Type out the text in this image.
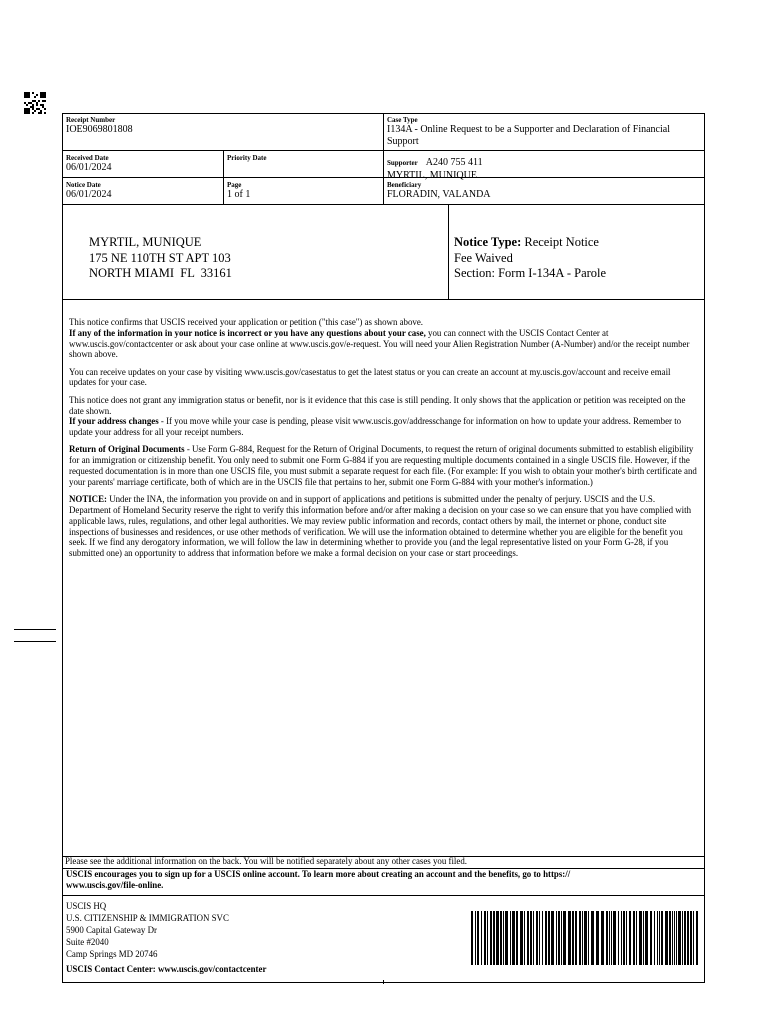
Receipt Number
IOE9069801808
Case Type
I134A - Online Request to be a Supporter and Declaration of Financial
Support
Received Date
06/01/2024
Priority Date
Supporter A240 755 411
MYRTIL, MUNIQUE
Notice Date
06/01/2024
Page
1 of 1
Beneficiary
FLORADIN, VALANDA
MYRTIL, MUNIQUE
175 NE 110TH ST APT 103
NORTH MIAMI  FL  33161
Notice Type: Receipt Notice
Fee Waived
Section: Form I-134A - Parole

This notice confirms that USCIS received your application or petition ("this case") as shown above.
If any of the information in your notice is incorrect or you have any questions about your case, you can connect with the USCIS Contact Center at www.uscis.gov/contactcenter or ask about your case online at www.uscis.gov/e-request. You will need your Alien Registration Number (A-Number) and/or the receipt number shown above.

You can receive updates on your case by visiting www.uscis.gov/casestatus to get the latest status or you can create an account at my.uscis.gov/account and receive email updates for your case.

This notice does not grant any immigration status or benefit, nor is it evidence that this case is still pending. It only shows that the application or petition was receipted on the date shown.
If your address changes - If you move while your case is pending, please visit www.uscis.gov/addresschange for information on how to update your address. Remember to update your address for all your receipt numbers.

Return of Original Documents - Use Form G-884, Request for the Return of Original Documents, to request the return of original documents submitted to establish eligibility for an immigration or citizenship benefit. You only need to submit one Form G-884 if you are requesting multiple documents contained in a single USCIS file. However, if the requested documentation is in more than one USCIS file, you must submit a separate request for each file. (For example: If you wish to obtain your mother's birth certificate and your parents' marriage certificate, both of which are in the USCIS file that pertains to her, submit one Form G-884 with your mother's information.)

NOTICE: Under the INA, the information you provide on and in support of applications and petitions is submitted under the penalty of perjury. USCIS and the U.S. Department of Homeland Security reserve the right to verify this information before and/or after making a decision on your case so we can ensure that you have complied with applicable laws, rules, regulations, and other legal authorities. We may review public information and records, contact others by mail, the internet or phone, conduct site inspections of businesses and residences, or use other methods of verification. We will use the information obtained to determine whether you are eligible for the benefit you seek. If we find any derogatory information, we will follow the law in determining whether to provide you (and the legal representative listed on your Form G-28, if you submitted one) an opportunity to address that information before we make a formal decision on your case or start proceedings.

Please see the additional information on the back. You will be notified separately about any other cases you filed.
USCIS encourages you to sign up for a USCIS online account. To learn more about creating an account and the benefits, go to https://
www.uscis.gov/file-online.
USCIS HQ
U.S. CITIZENSHIP & IMMIGRATION SVC
5900 Capital Gateway Dr
Suite #2040
Camp Springs MD 20746
USCIS Contact Center: www.uscis.gov/contactcenter
